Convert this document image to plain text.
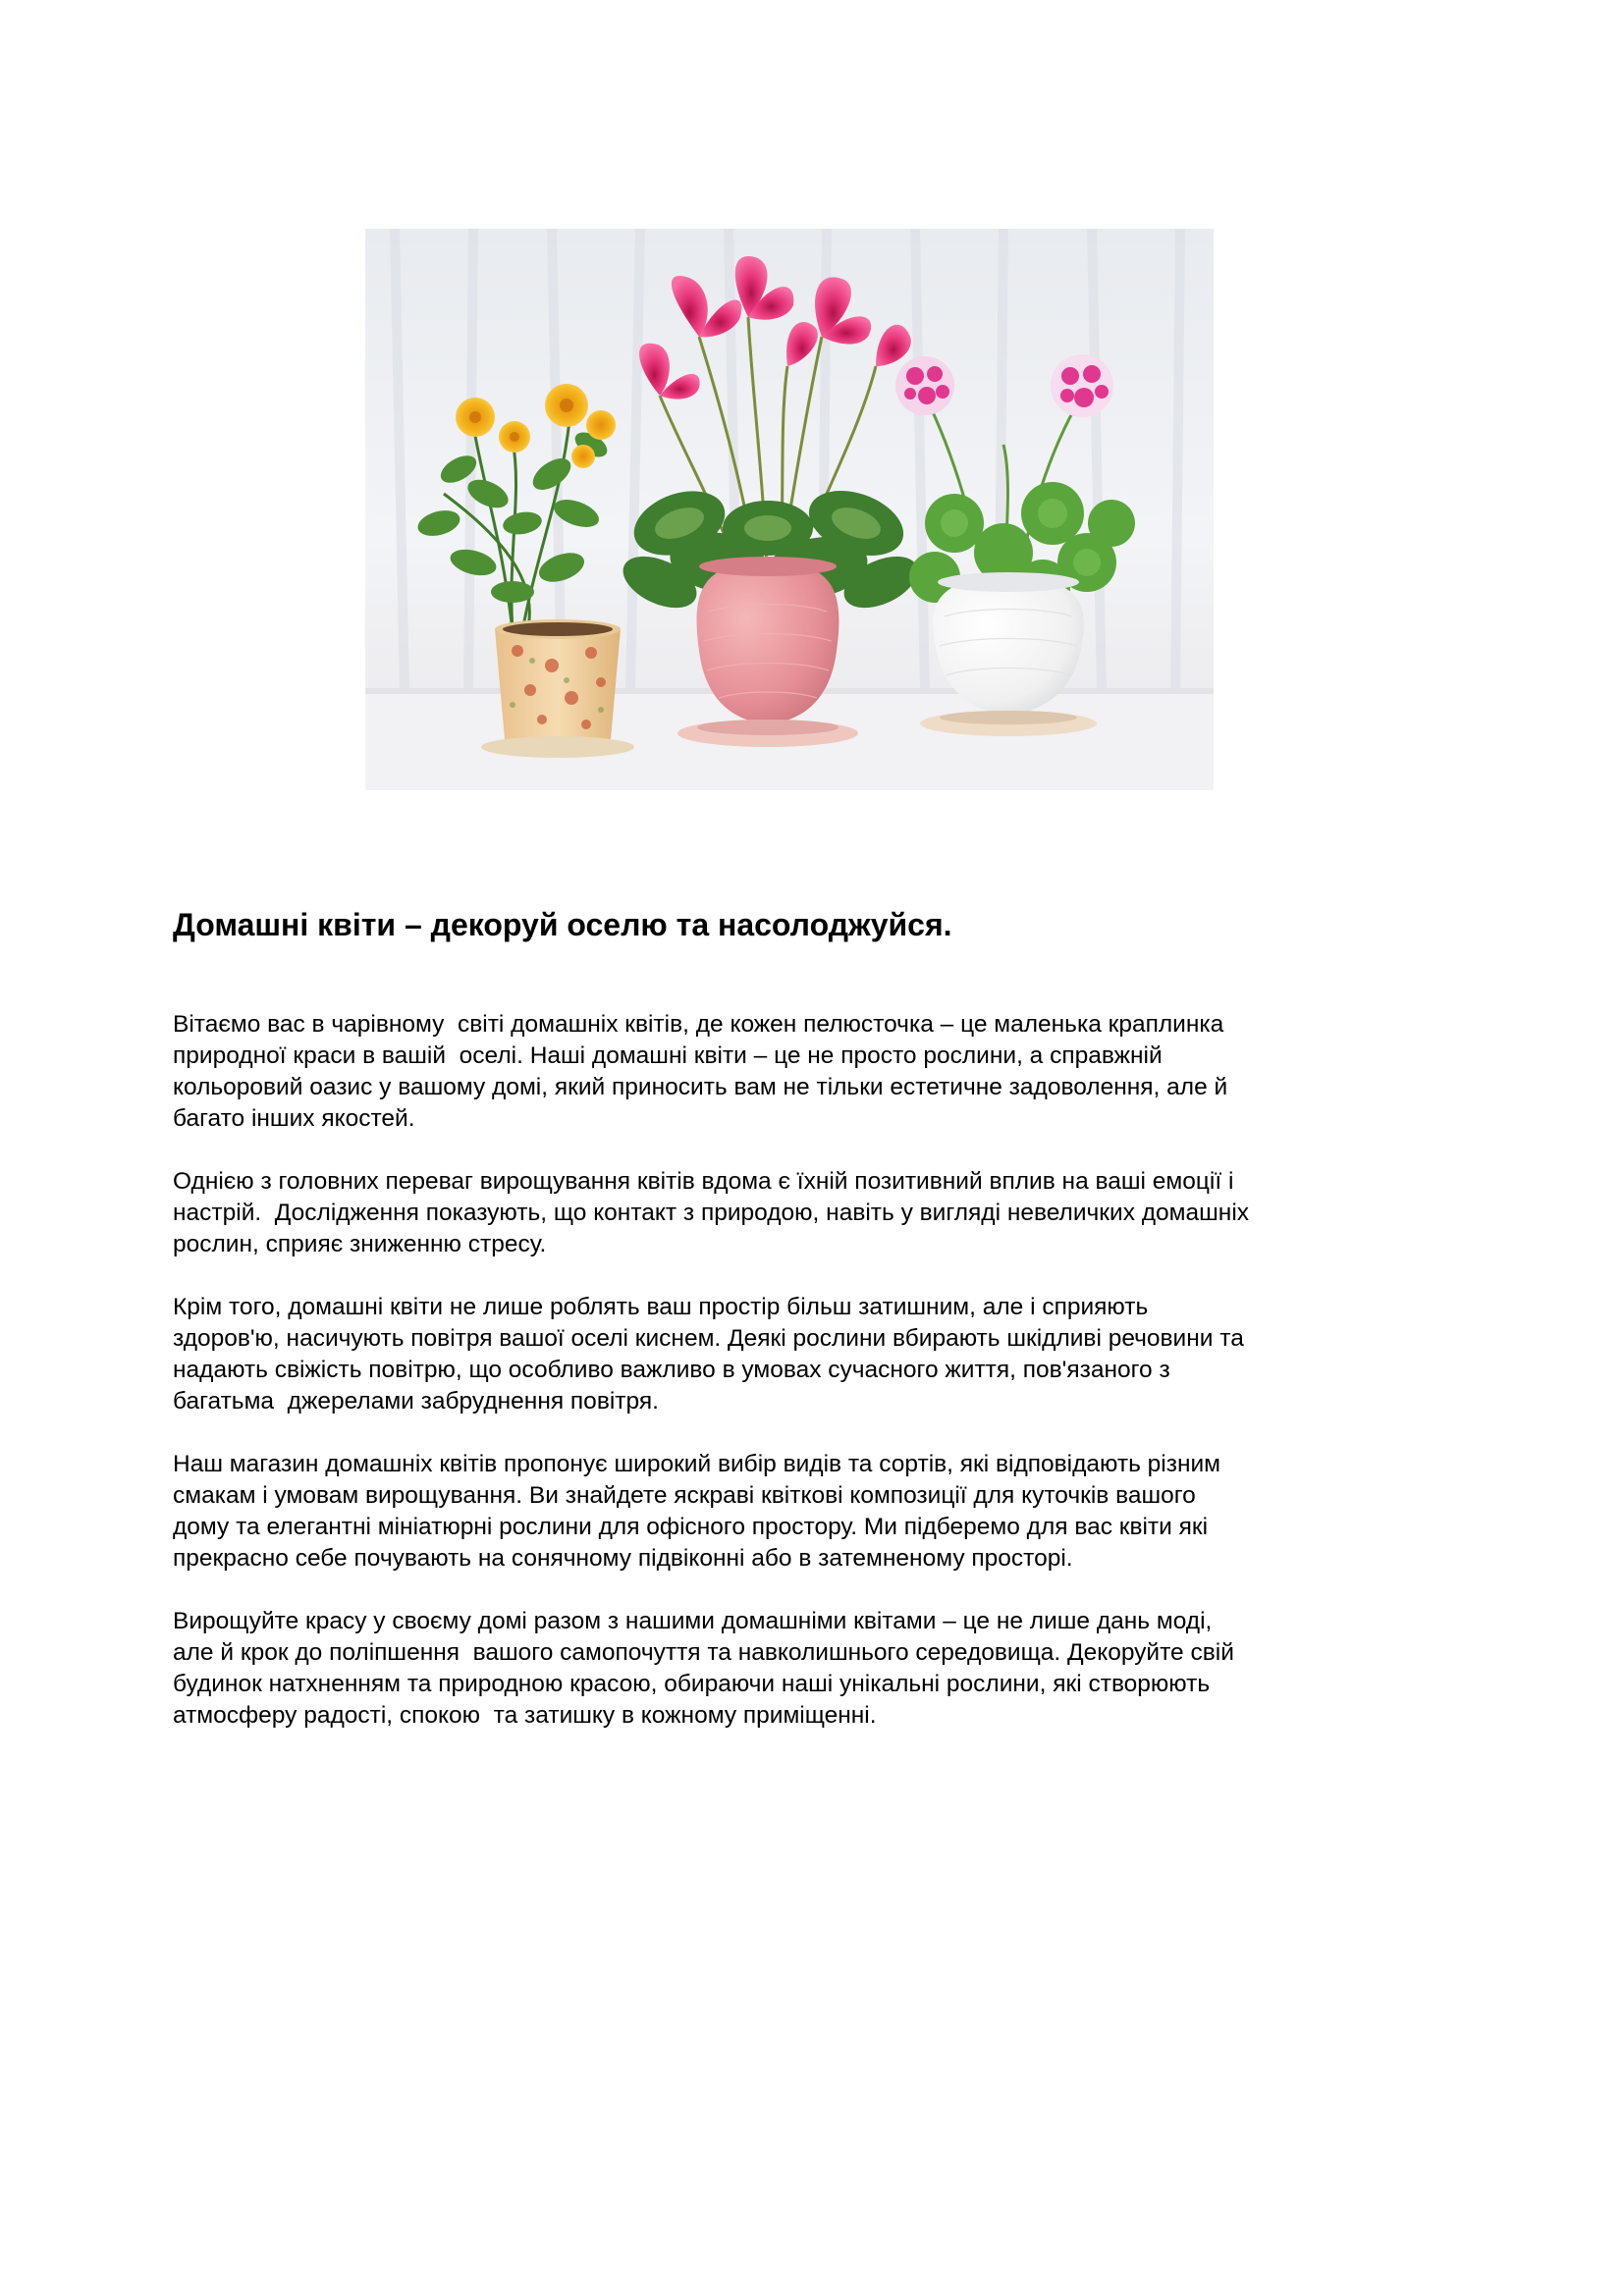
Домашні квіти – декоруй оселю та насолоджуйся.

Вітаємо вас в чарівному  світі домашніх квітів, де кожен пелюсточка – це маленька краплинка
природної краси в вашій  оселі. Наші домашні квіти – це не просто рослини, а справжній
кольоровий оазис у вашому домі, який приносить вам не тільки естетичне задоволення, але й
багато інших якостей.

Однією з головних переваг вирощування квітів вдома є їхній позитивний вплив на ваші емоції і
настрій.  Дослідження показують, що контакт з природою, навіть у вигляді невеличких домашніх
рослин, сприяє зниженню стресу.

Крім того, домашні квіти не лише роблять ваш простір більш затишним, але і сприяють
здоров'ю, насичують повітря вашої оселі киснем. Деякі рослини вбирають шкідливі речовини та
надають свіжість повітрю, що особливо важливо в умовах сучасного життя, пов'язаного з
багатьма  джерелами забруднення повітря.

Наш магазин домашніх квітів пропонує широкий вибір видів та сортів, які відповідають різним
смакам і умовам вирощування. Ви знайдете яскраві квіткові композиції для куточків вашого
дому та елегантні мініатюрні рослини для офісного простору. Ми підберемо для вас квіти які
прекрасно себе почувають на сонячному підвіконні або в затемненому просторі.

Вирощуйте красу у своєму домі разом з нашими домашніми квітами – це не лише дань моді,
але й крок до поліпшення  вашого самопочуття та навколишнього середовища. Декоруйте свій
будинок натхненням та природною красою, обираючи наші унікальні рослини, які створюють
атмосферу радості, спокою  та затишку в кожному приміщенні.
